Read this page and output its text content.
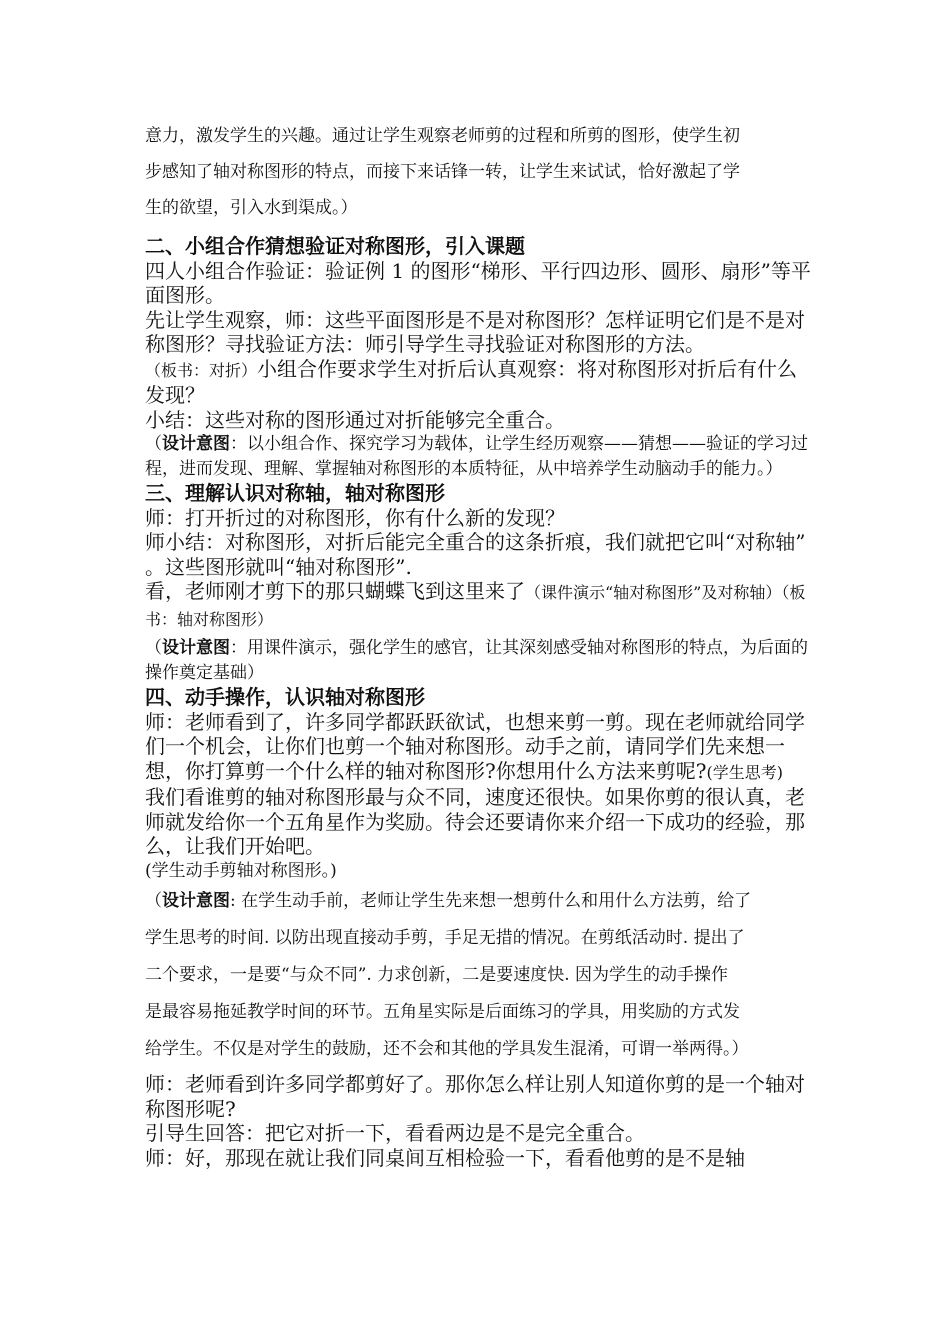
意力，激发学生的兴趣。通过让学生观察老师剪的过程和所剪的图形，使学生初

步感知了轴对称图形的特点，而接下来话锋一转，让学生来试试，恰好激起了学

生的欲望，引入水到渠成。）

二、小组合作猜想验证对称图形，引入课题

四人小组合作验证：验证例 1 的图形“梯形、平行四边形、圆形、扇形”等平面图形。

先让学生观察，师：这些平面图形是不是对称图形？怎样证明它们是不是对称图形？寻找验证方法：师引导学生寻找验证对称图形的方法。

（板书：对折）小组合作要求学生对折后认真观察：将对称图形对折后有什么发现？

小结：这些对称的图形通过对折能够完全重合。

（设计意图：以小组合作、探究学习为载体，让学生经历观察——猜想——验证的学习过程，进而发现、理解、掌握轴对称图形的本质特征，从中培养学生动脑动手的能力。）

三、理解认识对称轴，轴对称图形

师：打开折过的对称图形，你有什么新的发现？

师小结：对称图形，对折后能完全重合的这条折痕，我们就把它叫“对称轴” 。这些图形就叫“轴对称图形”.

看，老师刚才剪下的那只蝴蝶飞到这里来了（课件演示“轴对称图形”及对称轴）（板书：轴对称图形）

（设计意图：用课件演示，强化学生的感官，让其深刻感受轴对称图形的特点，为后面的操作奠定基础）

四、动手操作，认识轴对称图形

师：老师看到了，许多同学都跃跃欲试，也想来剪一剪。现在老师就给同学们一个机会，让你们也剪一个轴对称图形。动手之前，请同学们先来想一想，你打算剪一个什么样的轴对称图形?你想用什么方法来剪呢?(学生思考)

我们看谁剪的轴对称图形最与众不同，速度还很快。如果你剪的很认真，老师就发给你一个五角星作为奖励。待会还要请你来介绍一下成功的经验，那么，让我们开始吧。

(学生动手剪轴对称图形。)

（设计意图: 在学生动手前，老师让学生先来想一想剪什么和用什么方法剪，给了

学生思考的时间. 以防出现直接动手剪，手足无措的情况。在剪纸活动时. 提出了

二个要求，一是要“与众不同”. 力求创新，二是要速度快. 因为学生的动手操作

是最容易拖延教学时间的环节。五角星实际是后面练习的学具，用奖励的方式发

给学生。不仅是对学生的鼓励，还不会和其他的学具发生混淆，可谓一举两得。）

师：老师看到许多同学都剪好了。那你怎么样让别人知道你剪的是一个轴对称图形呢?

引导生回答：把它对折一下，看看两边是不是完全重合。

师：好，那现在就让我们同桌间互相检验一下，看看他剪的是不是轴
